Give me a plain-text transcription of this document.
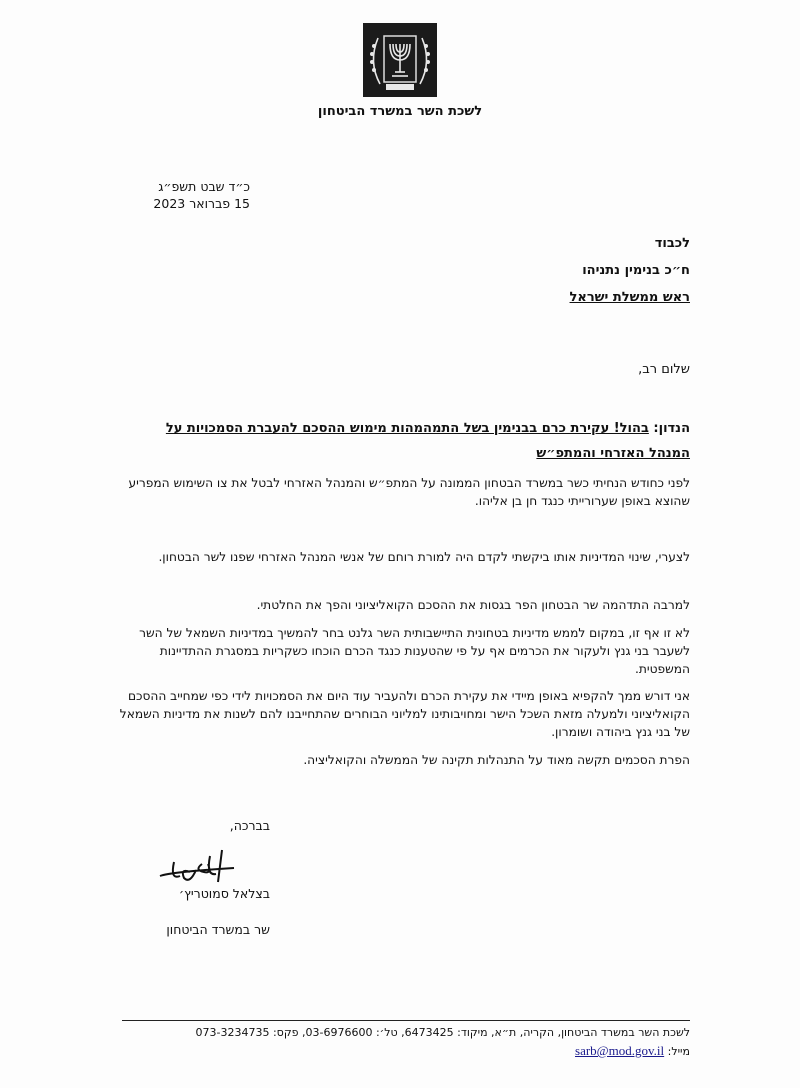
לשכת השר במשרד הביטחון
כ״ד שבט תשפ״ג
15 פברואר 2023
לכבוד
ח״כ בנימין נתניהו
ראש ממשלת ישראל
שלום רב,
הנדון: בהול! עקירת כרם בבנימין בשל התמהמהות מימוש ההסכם להעברת הסמכויות על
המנהל האזרחי והמתפ״ש
לפני כחודש הנחיתי כשר במשרד הבטחון הממונה על המתפ״ש והמנהל האזרחי לבטל את צו השימוש המפריע שהוצא באופן שערורייתי כנגד חן בן אליהו.
לצערי, שינוי המדיניות אותו ביקשתי לקדם היה למורת רוחם של אנשי המנהל האזרחי שפנו לשר הבטחון.
למרבה התדהמה שר הבטחון הפר בגסות את ההסכם הקואליציוני והפך את החלטתי.
לא זו אף זו, במקום לממש מדיניות בטחונית התיישבותית השר גלנט בחר להמשיך במדיניות השמאל של השר לשעבר בני גנץ ולעקור את הכרמים אף על פי שהטענות כנגד הכרם הוכחו כשקריות במסגרת ההתדיינות המשפטית.
אני דורש ממך להקפיא באופן מיידי את עקירת הכרם ולהעביר עוד היום את הסמכויות לידי כפי שמחייב ההסכם הקואליציוני ולמעלה מזאת השכל הישר ומחויבותינו למליוני הבוחרים שהתחייבנו להם לשנות את מדיניות השמאל של בני גנץ ביהודה ושומרון.
הפרת הסכמים תקשה מאוד על התנהלות תקינה של הממשלה והקואליציה.
בברכה,
בצלאל סמוטריץ׳
שר במשרד הביטחון
לשכת השר במשרד הביטחון, הקריה, ת״א, מיקוד: 6473425, טל׳: 03-6976600, פקס: 073-3234735
מייל: sarb@mod.gov.il
